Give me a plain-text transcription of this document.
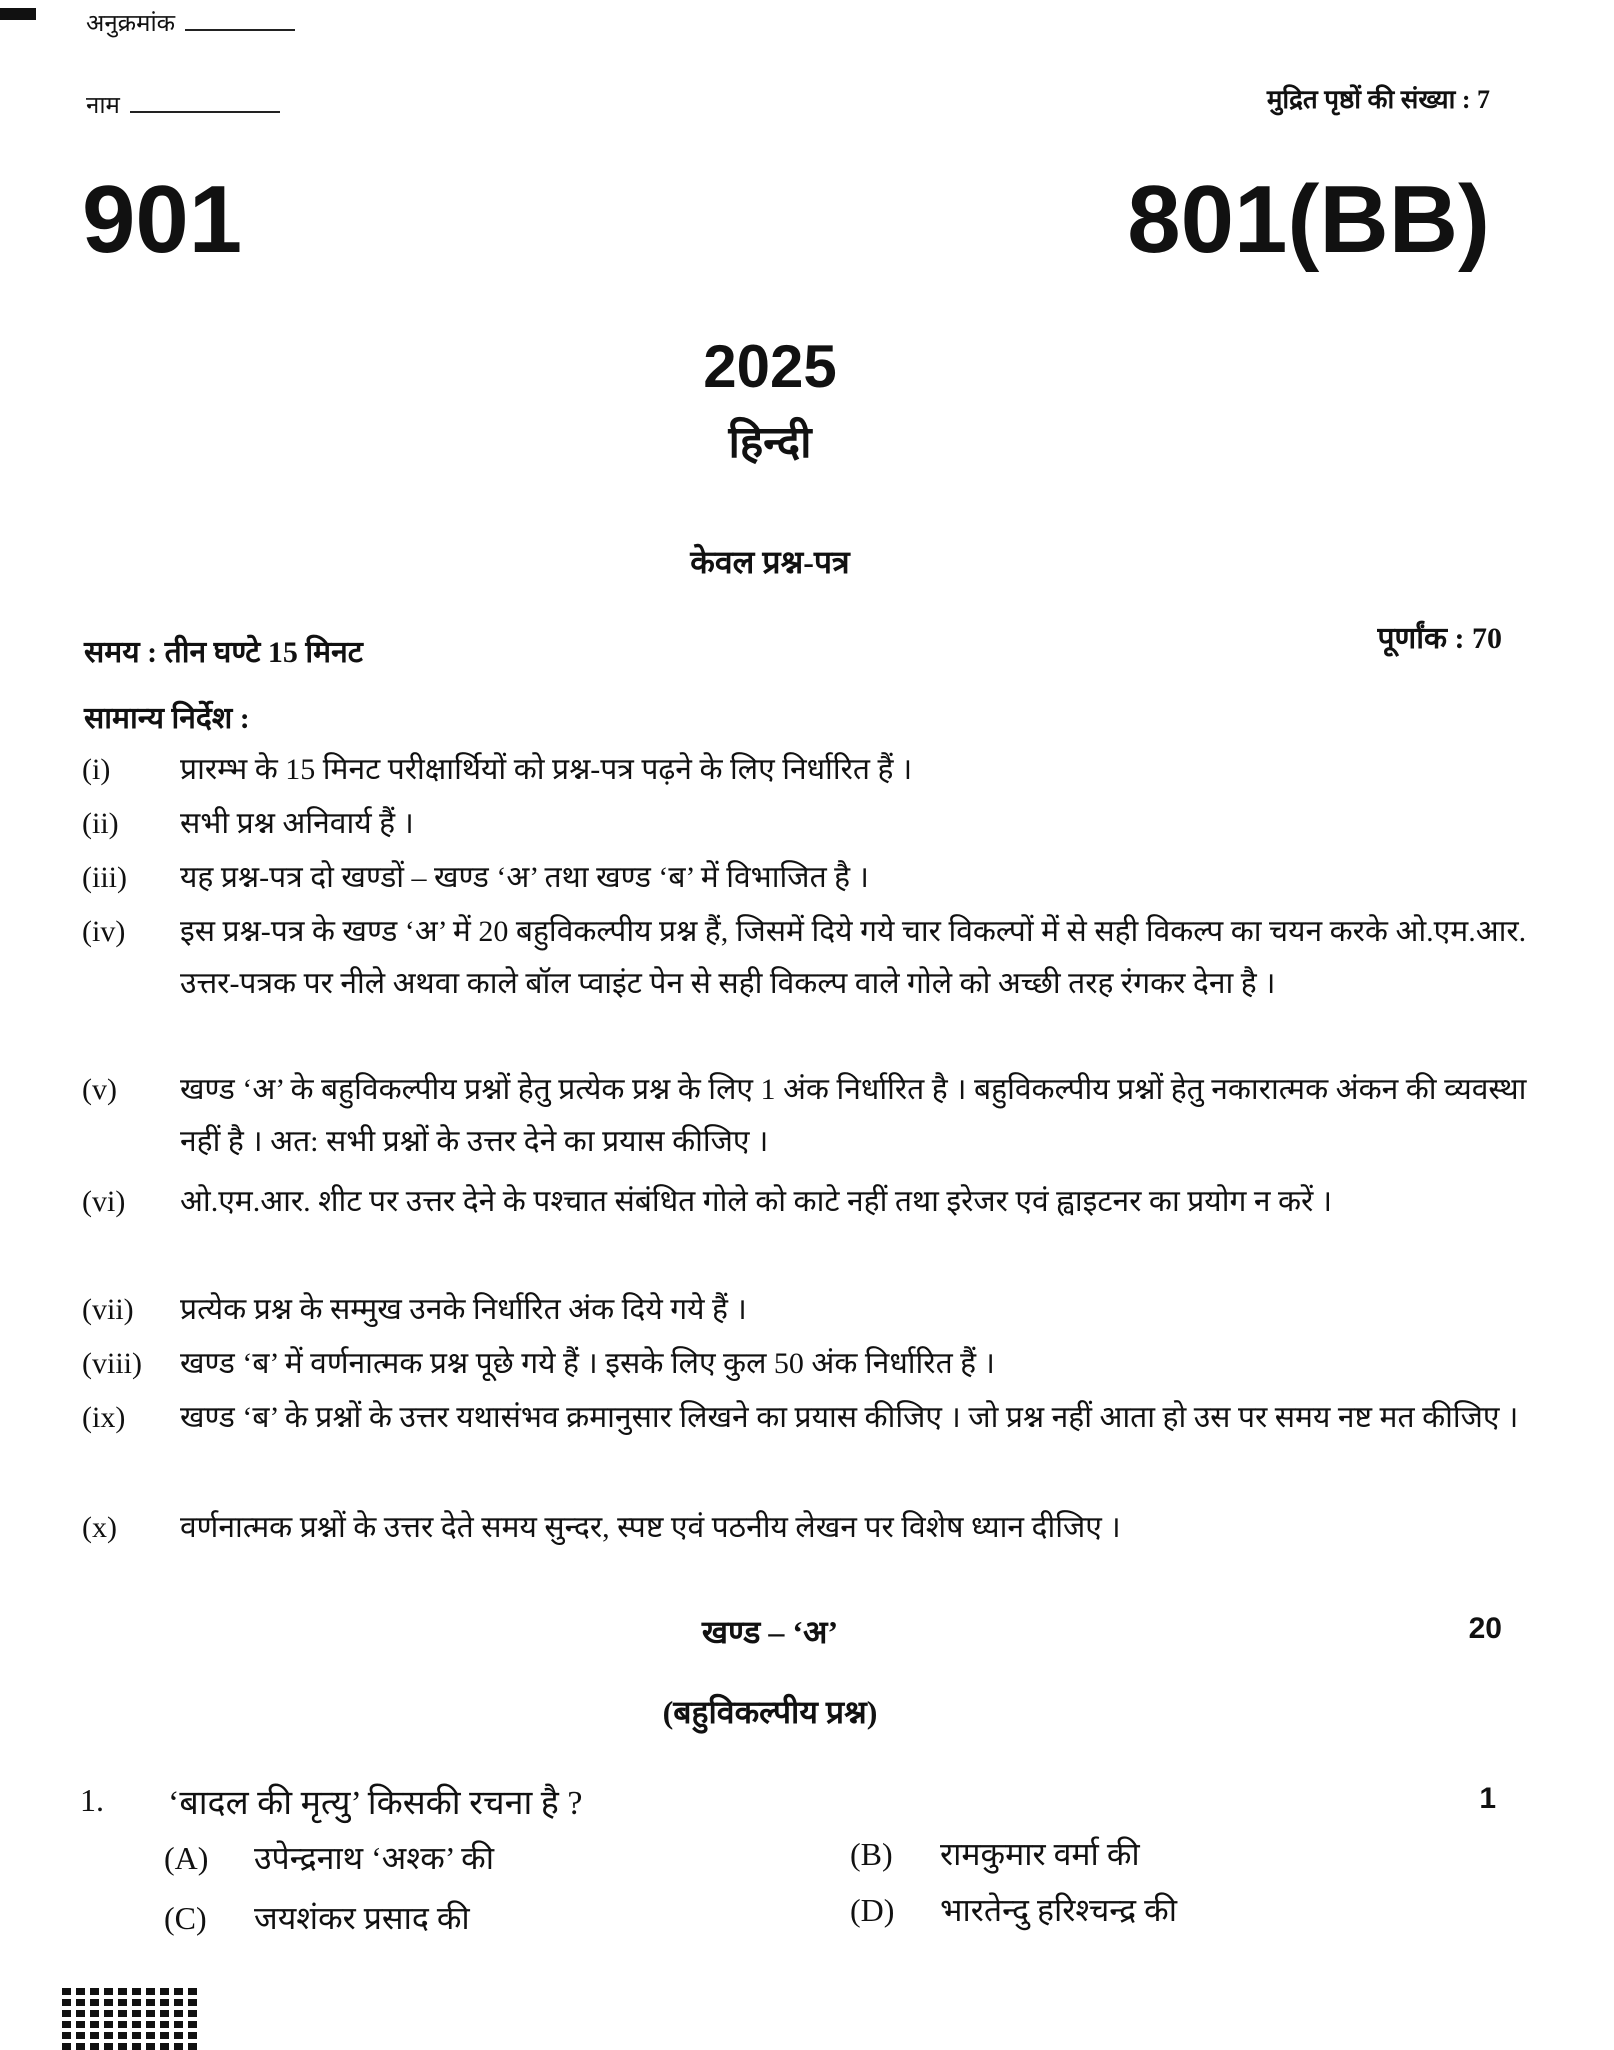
अनुक्रमांक
नाम	मुद्रित पृष्ठों की संख्या : 7
901	801(BB)
2025
हिन्दी
केवल प्रश्न-पत्र
समय : तीन घण्टे 15 मिनट	पूर्णांक : 70
सामान्य निर्देश :
(i)	प्रारम्भ के 15 मिनट परीक्षार्थियों को प्रश्न-पत्र पढ़ने के लिए निर्धारित हैं ।
(ii)	सभी प्रश्न अनिवार्य हैं ।
(iii)	यह प्रश्न-पत्र दो खण्डों – खण्ड ‘अ’ तथा खण्ड ‘ब’ में विभाजित है ।
(iv)	इस प्रश्न-पत्र के खण्ड ‘अ’ में 20 बहुविकल्पीय प्रश्न हैं, जिसमें दिये गये चार विकल्पों में से सही विकल्प का चयन करके ओ.एम.आर. उत्तर-पत्रक पर नीले अथवा काले बॉल प्वाइंट पेन से सही विकल्प वाले गोले को अच्छी तरह रंगकर देना है ।
(v)	खण्ड ‘अ’ के बहुविकल्पीय प्रश्नों हेतु प्रत्येक प्रश्न के लिए 1 अंक निर्धारित है । बहुविकल्पीय प्रश्नों हेतु नकारात्मक अंकन की व्यवस्था नहीं है । अत: सभी प्रश्नों के उत्तर देने का प्रयास कीजिए ।
(vi)	ओ.एम.आर. शीट पर उत्तर देने के पश्चात संबंधित गोले को काटे नहीं तथा इरेजर एवं ह्वाइटनर का प्रयोग न करें ।
(vii)	प्रत्येक प्रश्न के सम्मुख उनके निर्धारित अंक दिये गये हैं ।
(viii)	खण्ड ‘ब’ में वर्णनात्मक प्रश्न पूछे गये हैं । इसके लिए कुल 50 अंक निर्धारित हैं ।
(ix)	खण्ड ‘ब’ के प्रश्नों के उत्तर यथासंभव क्रमानुसार लिखने का प्रयास कीजिए । जो प्रश्न नहीं आता हो उस पर समय नष्ट मत कीजिए ।
(x)	वर्णनात्मक प्रश्नों के उत्तर देते समय सुन्दर, स्पष्ट एवं पठनीय लेखन पर विशेष ध्यान दीजिए ।
खण्ड – ‘अ’	20
(बहुविकल्पीय प्रश्न)
1. ‘बादल की मृत्यु’ किसकी रचना है ?	1
(A) उपेन्द्रनाथ ‘अश्क’ की	(B) रामकुमार वर्मा की
(C) जयशंकर प्रसाद की	(D) भारतेन्दु हरिश्चन्द्र की
